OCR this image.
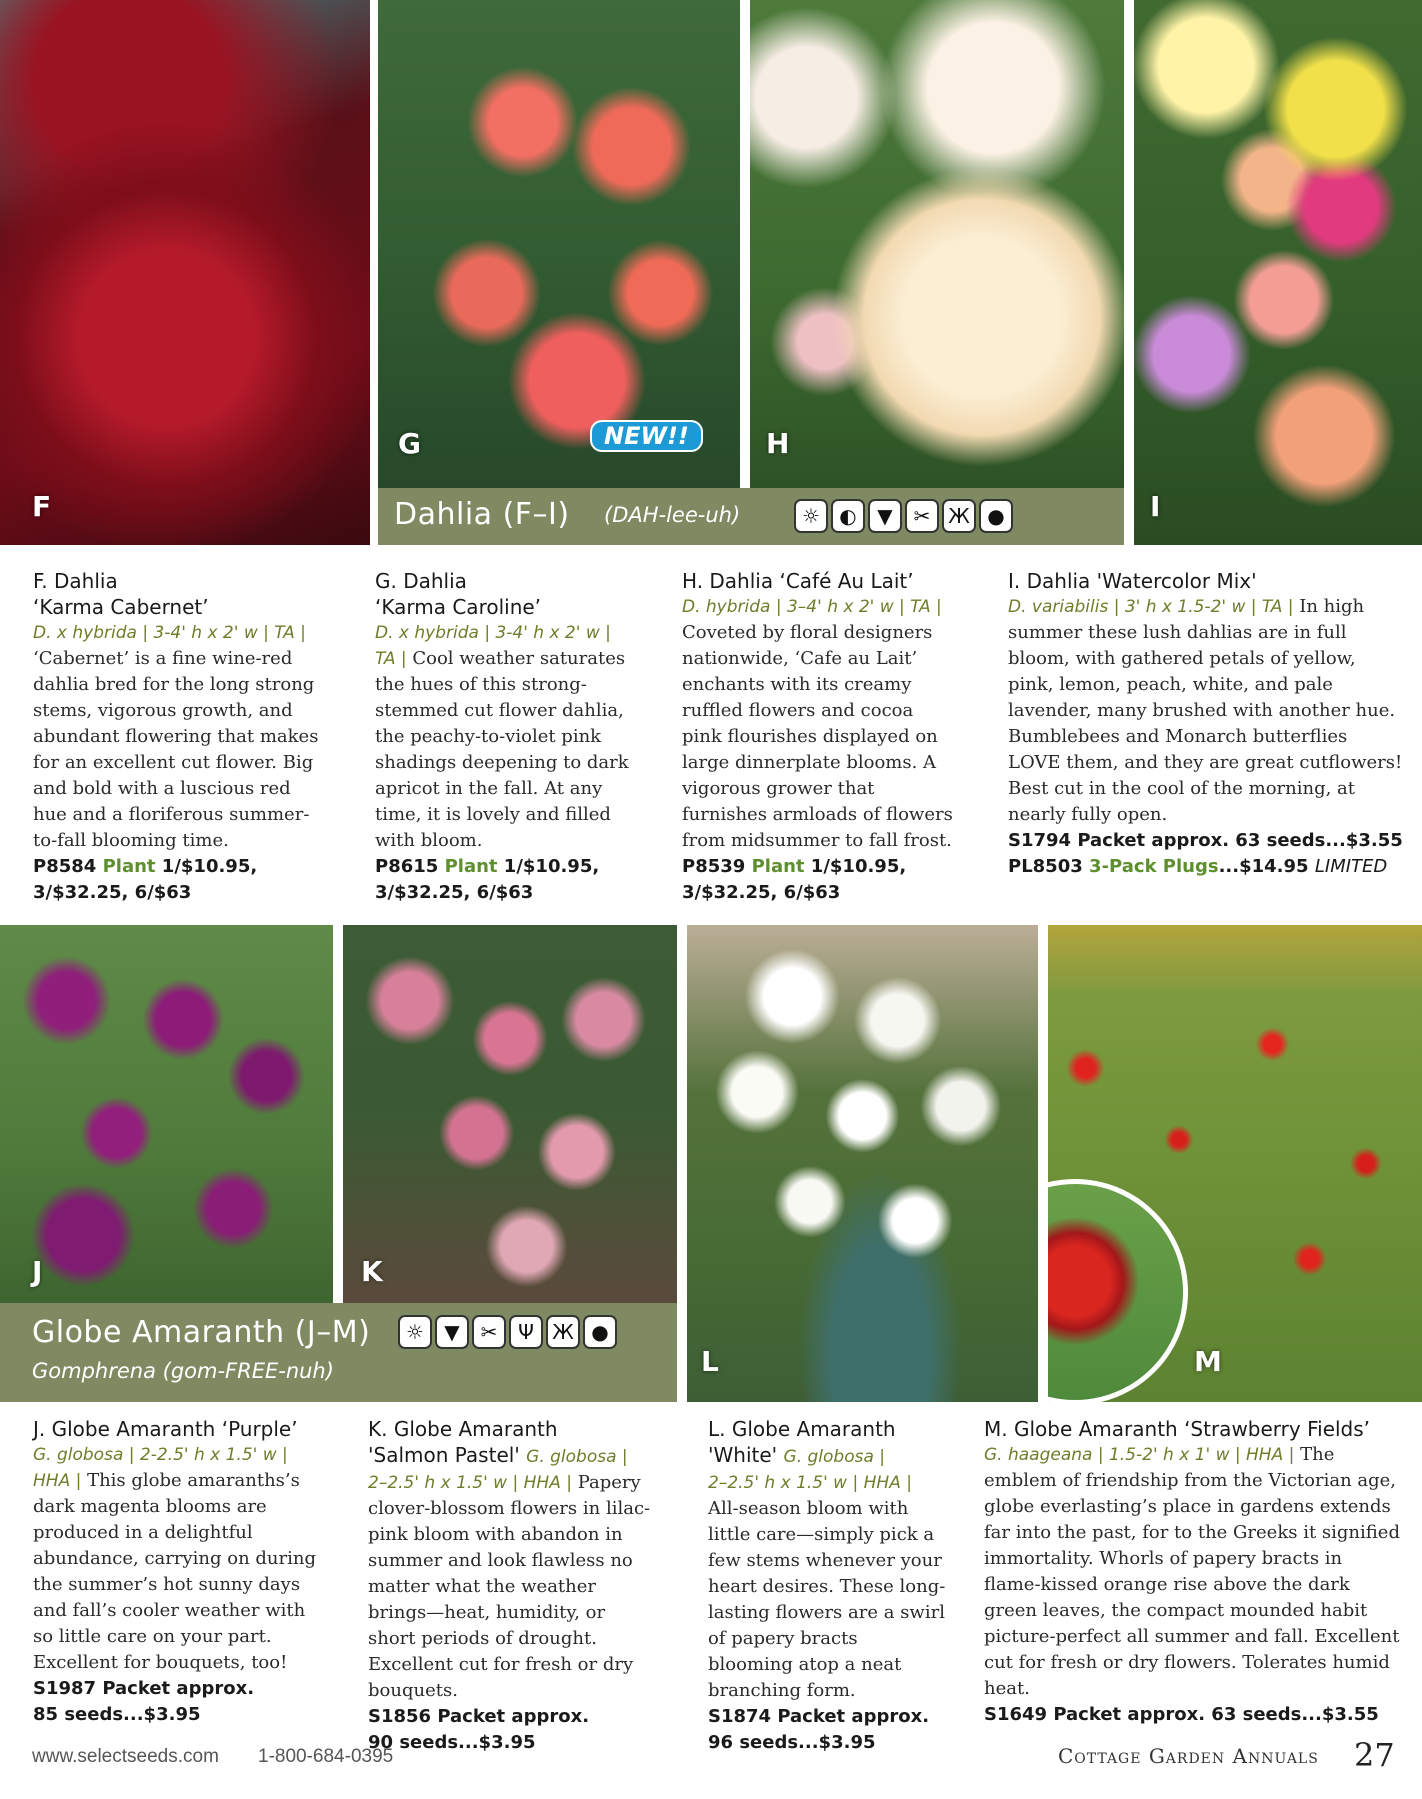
F
G	NEW!!	H
I
Dahlia (F–I) (DAH-lee-uh)	☼ ◐	▼	✂ Ж ●
F. Dahlia
‘Karma Cabernet’
D. x hybrida | 3-4' h x 2' w | TA | ‘Cabernet’ is a fine wine-red dahlia bred for the long strong stems, vigorous growth, and abundant flowering that makes for an excellent cut flower. Big and bold with a luscious red hue and a floriferous summer-to-fall blooming time.
P8584 Plant 1/$10.95,
3/$32.25, 6/$63
G. Dahlia
‘Karma Caroline’
D. x hybrida | 3-4' h x 2' w | TA | Cool weather saturates the hues of this strong-stemmed cut flower dahlia, the peachy-to-violet pink shadings deepening to dark apricot in the fall. At any time, it is lovely and filled with bloom.
P8615 Plant 1/$10.95,
3/$32.25, 6/$63
H. Dahlia ‘Café Au Lait’
D. hybrida | 3–4' h x 2' w | TA | Coveted by floral designers nationwide, ‘Cafe au Lait’ enchants with its creamy ruffled flowers and cocoa pink flourishes displayed on large dinnerplate blooms. A vigorous grower that furnishes armloads of flowers from midsummer to fall frost.
P8539 Plant 1/$10.95,
3/$32.25, 6/$63
I. Dahlia 'Watercolor Mix'
D. variabilis | 3' h x 1.5-2' w | TA | In high summer these lush dahlias are in full bloom, with gathered petals of yellow, pink, lemon, peach, white, and pale lavender, many brushed with another hue. Bumblebees and Monarch butterflies LOVE them, and they are great cutflowers! Best cut in the cool of the morning, at nearly fully open.
S1794 Packet approx. 63 seeds...$3.55
PL8503 3-Pack Plugs...$14.95 LIMITED
J	K
L	M
Globe Amaranth (J–M)
Gomphrena (gom-FREE-nuh)
☼	▼	✂	Ψ Ж ●
J. Globe Amaranth ‘Purple’
G. globosa | 2-2.5' h x 1.5' w | HHA | This globe amaranths’s dark magenta blooms are produced in a delightful abundance, carrying on during the summer’s hot sunny days and fall’s cooler weather with so little care on your part. Excellent for bouquets, too!
S1987 Packet approx.
85 seeds...$3.95
K. Globe Amaranth
'Salmon Pastel' G. globosa |
2–2.5' h x 1.5' w | HHA | Papery clover-blossom flowers in lilac-pink bloom with abandon in summer and look flawless no matter what the weather brings—heat, humidity, or short periods of drought. Excellent cut for fresh or dry bouquets.
S1856 Packet approx.
90 seeds...$3.95
L. Globe Amaranth
'White' G. globosa |
2–2.5' h x 1.5' w | HHA | All-season bloom with little care—simply pick a few stems whenever your heart desires. These long-lasting flowers are a swirl of papery bracts blooming atop a neat branching form.
S1874 Packet approx.
96 seeds...$3.95
M. Globe Amaranth ‘Strawberry Fields’
G. haageana | 1.5-2' h x 1' w | HHA | The emblem of friendship from the Victorian age, globe everlasting’s place in gardens extends far into the past, for to the Greeks it signified immortality. Whorls of papery bracts in flame-kissed orange rise above the dark green leaves, the compact mounded habit picture-perfect all summer and fall. Excellent cut for fresh or dry flowers. Tolerates humid heat.
S1649 Packet approx. 63 seeds...$3.55
www.selectseeds.com 1-800-684-0395	Cottage Garden Annuals 27
